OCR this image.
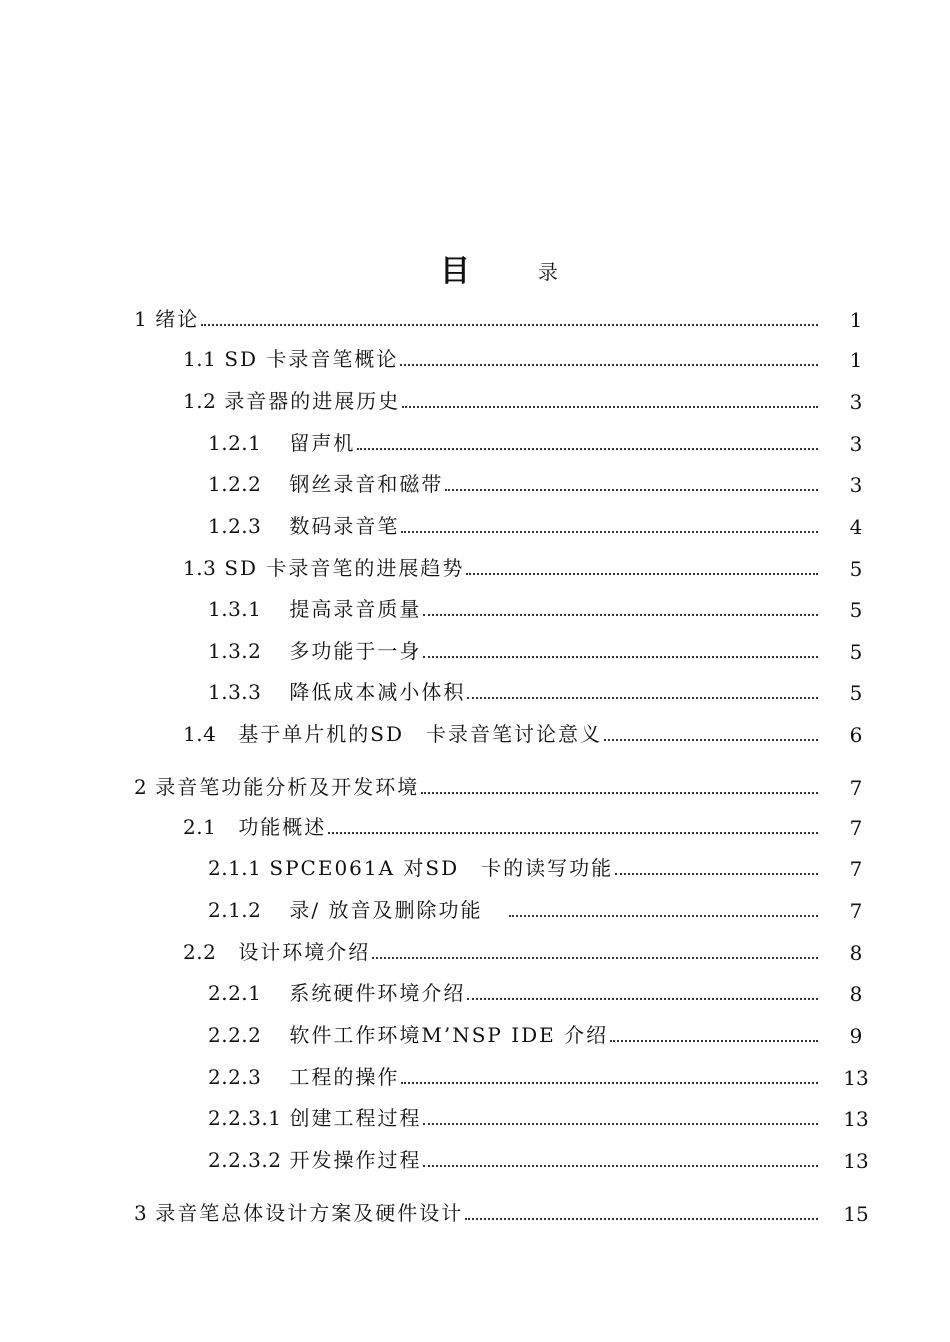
目	录
1 绪论	1
1.1 SD 卡录音笔概论	1
1.2 录音器的进展历史	3
1.2.1 留声机	3
1.2.2 钢丝录音和磁带	3
1.2.3 数码录音笔	4
1.3 SD 卡录音笔的进展趋势	5
1.3.1 提高录音质量	5
1.3.2 多功能于一身	5
1.3.3 降低成本减小体积	5
1.4 基于单片机的SD　卡录音笔讨论意义	6
2 录音笔功能分析及开发环境	7
2.1 功能概述	7
2.1.1 SPCE061A 对SD　卡的读写功能	7
2.1.2 录/ 放音及删除功能	7
2.2 设计环境介绍	8
2.2.1 系统硬件环境介绍	8
2.2.2 软件工作环境M’NSP IDE 介绍	9
2.2.3 工程的操作	13
2.2.3.1 创建工程过程	13
2.2.3.2 开发操作过程	13
3 录音笔总体设计方案及硬件设计	15
